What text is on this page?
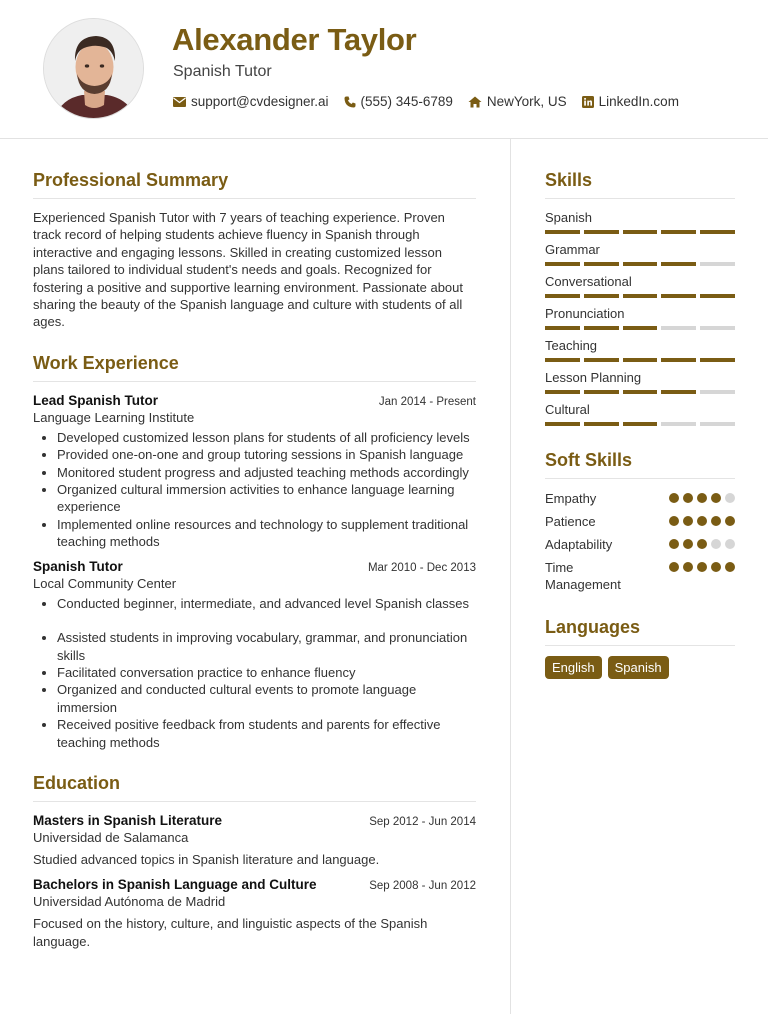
Alexander Taylor
Spanish Tutor
support@cvdesigner.ai (555) 345-6789	NewYork, US LinkedIn.com
Professional Summary

Experienced Spanish Tutor with 7 years of teaching experience. Proven track record of helping students achieve fluency in Spanish through interactive and engaging lessons. Skilled in creating customized lesson plans tailored to individual student's needs and goals. Recognized for fostering a positive and supportive learning environment. Passionate about sharing the beauty of the Spanish language and culture with students of all ages.

Work Experience
Lead Spanish Tutor	Jan 2014 - Present
Language Learning Institute
• Developed customized lesson plans for students of all proficiency levels
• Provided one-on-one and group tutoring sessions in Spanish language
• Monitored student progress and adjusted teaching methods accordingly
• Organized cultural immersion activities to enhance language learning experience
• Implemented online resources and technology to supplement traditional teaching methods
Spanish Tutor	Mar 2010 - Dec 2013
Local Community Center
• Conducted beginner, intermediate, and advanced level Spanish classes
• Assisted students in improving vocabulary, grammar, and pronunciation skills
• Facilitated conversation practice to enhance fluency
• Organized and conducted cultural events to promote language immersion
• Received positive feedback from students and parents for effective teaching methods
Education
Masters in Spanish Literature	Sep 2012 - Jun 2014
Universidad de Salamanca

Studied advanced topics in Spanish literature and language.

Bachelors in Spanish Language and Culture	Sep 2008 - Jun 2012
Universidad Autónoma de Madrid

Focused on the history, culture, and linguistic aspects of the Spanish language.

Skills
Spanish
Grammar
Conversational
Pronunciation
Teaching
Lesson Planning
Cultural
Soft Skills
Empathy
Patience
Adaptability
Time Management
Languages
English	Spanish
